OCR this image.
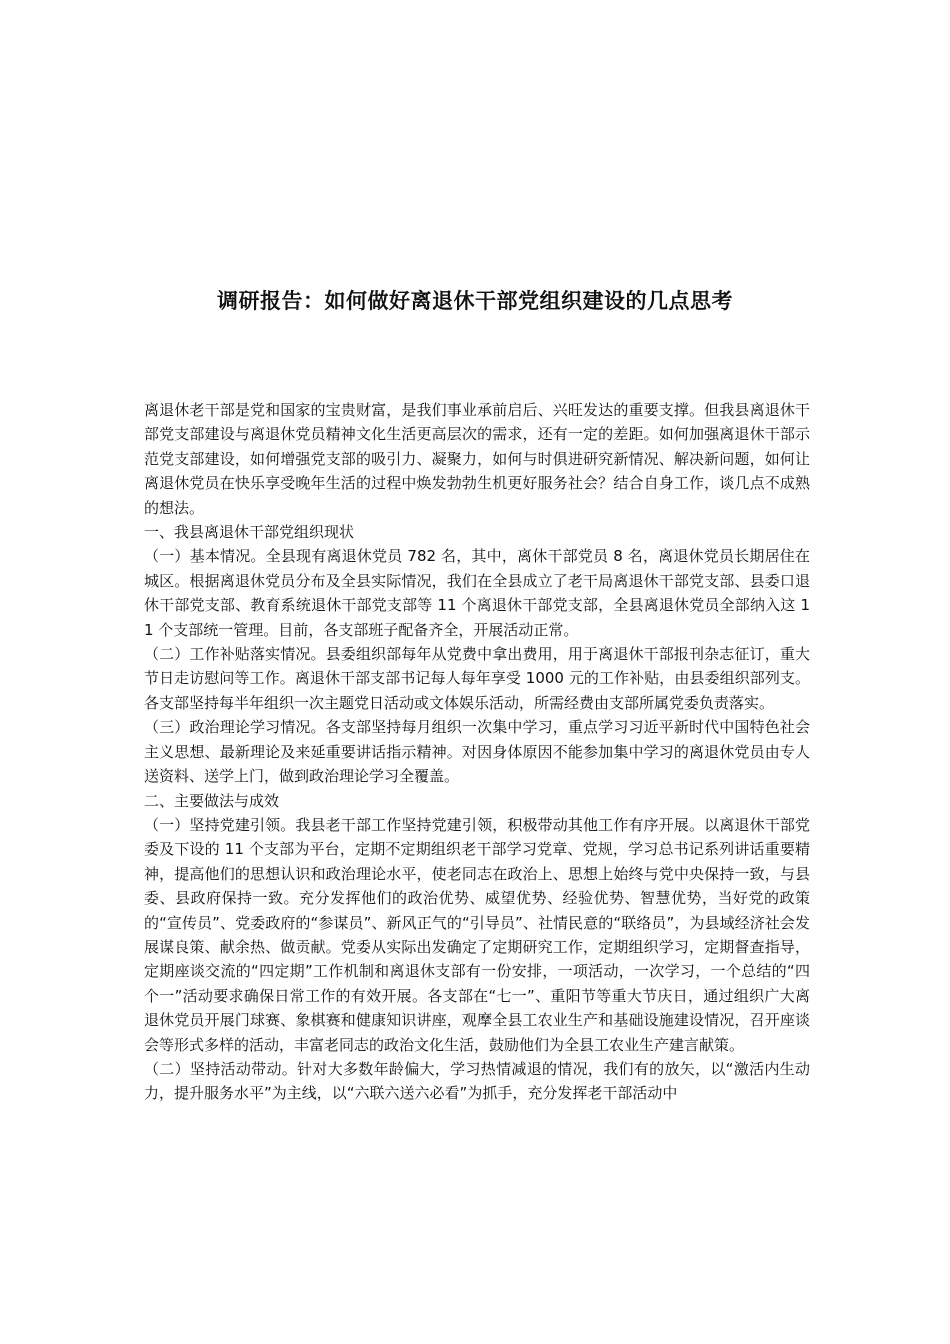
调研报告：如何做好离退休干部党组织建设的几点思考

离退休老干部是党和国家的宝贵财富，是我们事业承前启后、兴旺发达的重要支撑。但我县离退休干部党支部建设与离退休党员精神文化生活更高层次的需求，还有一定的差距。如何加强离退休干部示范党支部建设，如何增强党支部的吸引力、凝聚力，如何与时俱进研究新情况、解决新问题，如何让离退休党员在快乐享受晚年生活的过程中焕发勃勃生机更好服务社会？结合自身工作，谈几点不成熟的想法。

一、我县离退休干部党组织现状

（一）基本情况。全县现有离退休党员 782 名，其中，离休干部党员 8 名，离退休党员长期居住在城区。根据离退休党员分布及全县实际情况，我们在全县成立了老干局离退休干部党支部、县委口退休干部党支部、教育系统退休干部党支部等 11 个离退休干部党支部，全县离退休党员全部纳入这 11 个支部统一管理。目前，各支部班子配备齐全，开展活动正常。

（二）工作补贴落实情况。县委组织部每年从党费中拿出费用，用于离退休干部报刊杂志征订，重大节日走访慰问等工作。离退休干部支部书记每人每年享受 1000 元的工作补贴，由县委组织部列支。各支部坚持每半年组织一次主题党日活动或文体娱乐活动，所需经费由支部所属党委负责落实。

（三）政治理论学习情况。各支部坚持每月组织一次集中学习，重点学习习近平新时代中国特色社会主义思想、最新理论及来延重要讲话指示精神。对因身体原因不能参加集中学习的离退休党员由专人送资料、送学上门，做到政治理论学习全覆盖。

二、主要做法与成效

（一）坚持党建引领。我县老干部工作坚持党建引领，积极带动其他工作有序开展。以离退休干部党委及下设的 11 个支部为平台，定期不定期组织老干部学习党章、党规，学习总书记系列讲话重要精神，提高他们的思想认识和政治理论水平，使老同志在政治上、思想上始终与党中央保持一致，与县委、县政府保持一致。充分发挥他们的政治优势、威望优势、经验优势、智慧优势，当好党的政策的“宣传员”、党委政府的“参谋员”、新风正气的“引导员”、社情民意的“联络员”，为县域经济社会发展谋良策、献余热、做贡献。党委从实际出发确定了定期研究工作，定期组织学习，定期督查指导，定期座谈交流的“四定期”工作机制和离退休支部有一份安排，一项活动，一次学习，一个总结的“四个一”活动要求确保日常工作的有效开展。各支部在“七一”、重阳节等重大节庆日，通过组织广大离退休党员开展门球赛、象棋赛和健康知识讲座，观摩全县工农业生产和基础设施建设情况，召开座谈会等形式多样的活动，丰富老同志的政治文化生活，鼓励他们为全县工农业生产建言献策。

（二）坚持活动带动。针对大多数年龄偏大，学习热情减退的情况，我们有的放矢，以“激活内生动力，提升服务水平”为主线，以“六联六送六必看”为抓手，充分发挥老干部活动中
